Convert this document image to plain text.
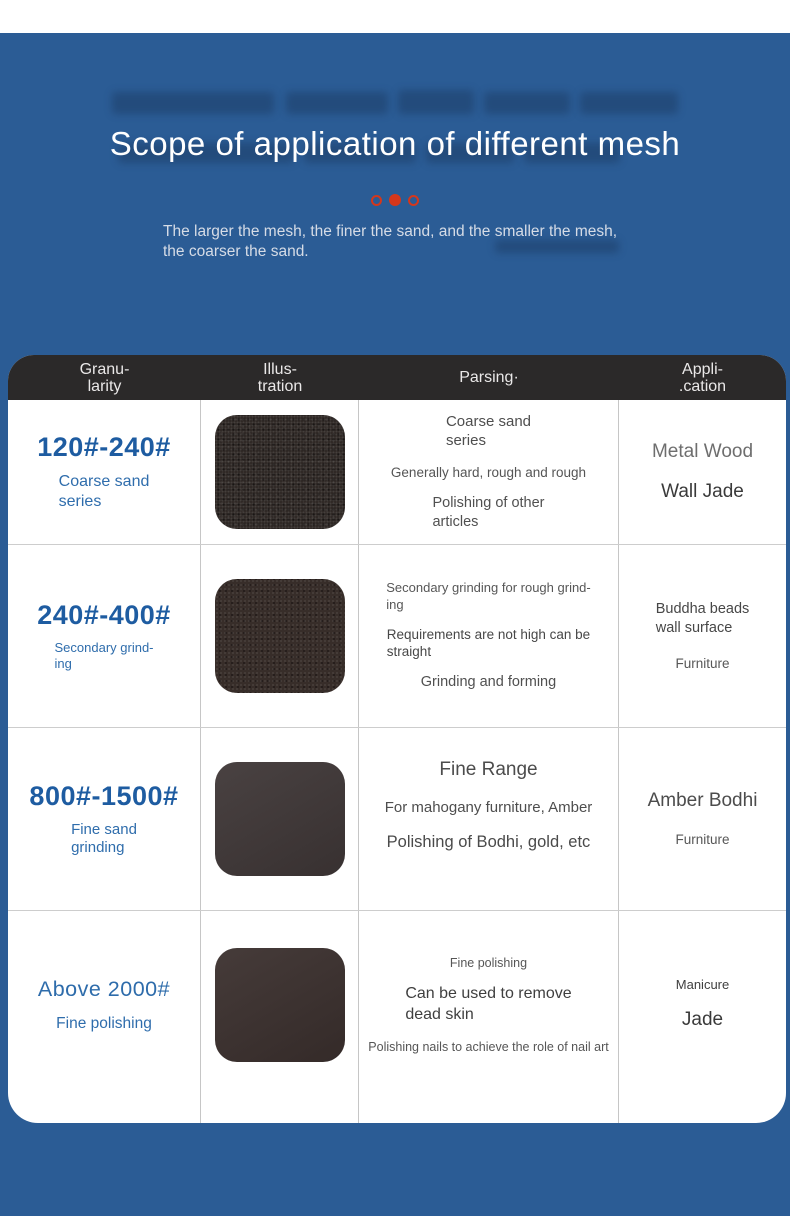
Scope of application of different mesh
The larger the mesh, the finer the sand, and the smaller the mesh,
the coarser the sand.
Granu-
larity
Illus-
tration	Parsing·	Appli-
.cation
120#-240#
Coarse sand
series
Coarse sand
series
Generally hard, rough and rough
Polishing of other
articles
Metal Wood
Wall Jade
240#-400#
Secondary grind-
ing
Secondary grinding for rough grind-
ing
Requirements are not high can be
straight
Grinding and forming
Buddha beads
wall surface
Furniture
800#-1500#
Fine sand
grinding
Fine Range
For mahogany furniture, Amber
Polishing of Bodhi, gold, etc
Amber Bodhi
Furniture
Above 2000#
Fine polishing
Fine polishing
Can be used to remove
dead skin
Polishing nails to achieve the role of nail art
Manicure
Jade
